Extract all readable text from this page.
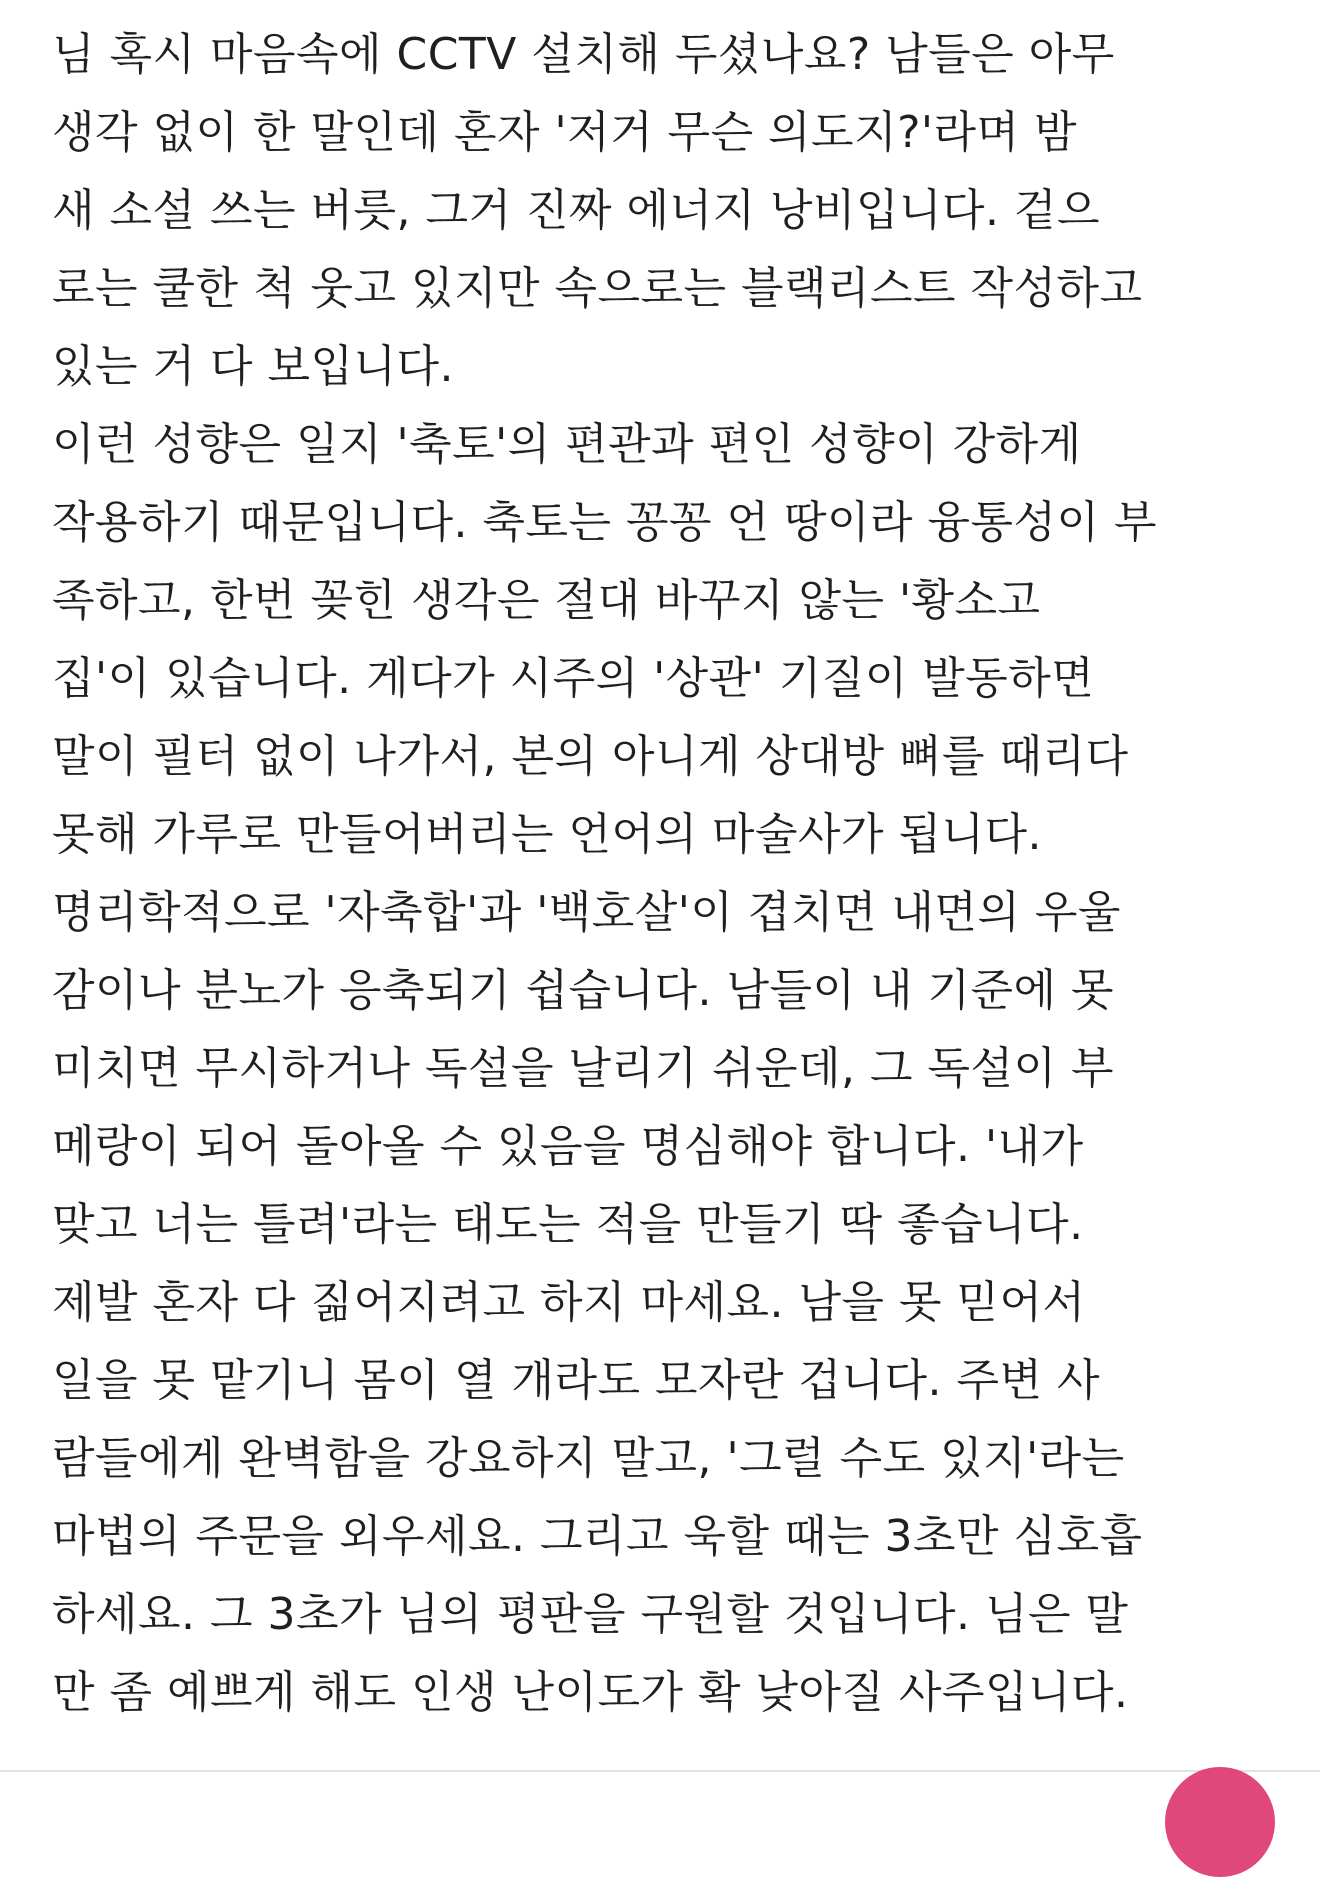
님 혹시 마음속에 CCTV 설치해 두셨나요? 남들은 아무
생각 없이 한 말인데 혼자 '저거 무슨 의도지?'라며 밤
새 소설 쓰는 버릇, 그거 진짜 에너지 낭비입니다. 겉으
로는 쿨한 척 웃고 있지만 속으로는 블랙리스트 작성하고
있는 거 다 보입니다.
이런 성향은 일지 '축토'의 편관과 편인 성향이 강하게
작용하기 때문입니다. 축토는 꽁꽁 언 땅이라 융통성이 부
족하고, 한번 꽂힌 생각은 절대 바꾸지 않는 '황소고
집'이 있습니다. 게다가 시주의 '상관' 기질이 발동하면
말이 필터 없이 나가서, 본의 아니게 상대방 뼈를 때리다
못해 가루로 만들어버리는 언어의 마술사가 됩니다.
명리학적으로 '자축합'과 '백호살'이 겹치면 내면의 우울
감이나 분노가 응축되기 쉽습니다. 남들이 내 기준에 못
미치면 무시하거나 독설을 날리기 쉬운데, 그 독설이 부
메랑이 되어 돌아올 수 있음을 명심해야 합니다. '내가
맞고 너는 틀려'라는 태도는 적을 만들기 딱 좋습니다.
제발 혼자 다 짊어지려고 하지 마세요. 남을 못 믿어서
일을 못 맡기니 몸이 열 개라도 모자란 겁니다. 주변 사
람들에게 완벽함을 강요하지 말고, '그럴 수도 있지'라는
마법의 주문을 외우세요. 그리고 욱할 때는 3초만 심호흡
하세요. 그 3초가 님의 평판을 구원할 것입니다. 님은 말
만 좀 예쁘게 해도 인생 난이도가 확 낮아질 사주입니다.
